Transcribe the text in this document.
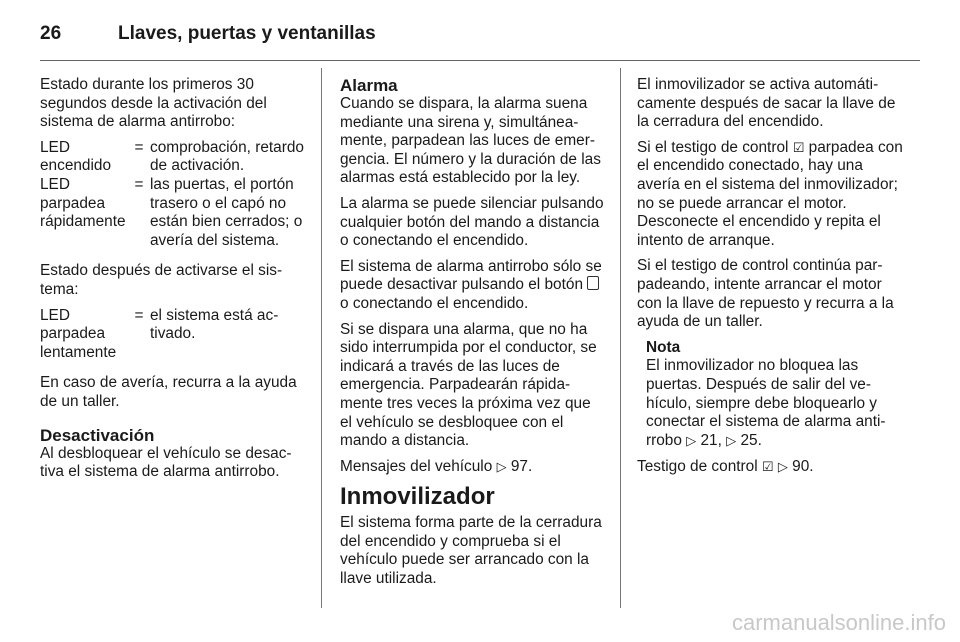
26	Llaves, puertas y ventanillas

Estado durante los primeros 30 segundos desde la activación del sistema de alarma antirrobo:

LED encendido
= comprobación, retardo de activación.
LED parpadea rápidamente
= las puertas, el portón trasero o el capó no están bien cerrados; o avería del sistema.

Estado después de activarse el sistema:

LED parpadea lentamente
= el sistema está activado.

En caso de avería, recurra a la ayuda de un taller.

Desactivación

Al desbloquear el vehículo se desactiva el sistema de alarma antirrobo.

Alarma

Cuando se dispara, la alarma suena mediante una sirena y, simultáneamente, parpadean las luces de emergencia. El número y la duración de las alarmas está establecido por la ley.

La alarma se puede silenciar pulsando cualquier botón del mando a distancia o conectando el encendido.

El sistema de alarma antirrobo sólo se puede desactivar pulsando el botón  o conectando el encendido.

Si se dispara una alarma, que no ha sido interrumpida por el conductor, se indicará a través de las luces de emergencia. Parpadearán rápidamente tres veces la próxima vez que el vehículo se desbloquee con el mando a distancia.

Mensajes del vehículo ▷ 97.

Inmovilizador

El sistema forma parte de la cerradura del encendido y comprueba si el vehículo puede ser arrancado con la llave utilizada.

El inmovilizador se activa automáticamente después de sacar la llave de la cerradura del encendido.

Si el testigo de control ☑ parpadea con el encendido conectado, hay una avería en el sistema del inmovilizador; no se puede arrancar el motor. Desconecte el encendido y repita el intento de arranque.

Si el testigo de control continúa parpadeando, intente arrancar el motor con la llave de repuesto y recurra a la ayuda de un taller.

Nota
El inmovilizador no bloquea las puertas. Después de salir del vehículo, siempre debe bloquearlo y conectar el sistema de alarma antirrobo ▷ 21, ▷ 25.

Testigo de control ☑ ▷ 90.

carmanualsonline.info
